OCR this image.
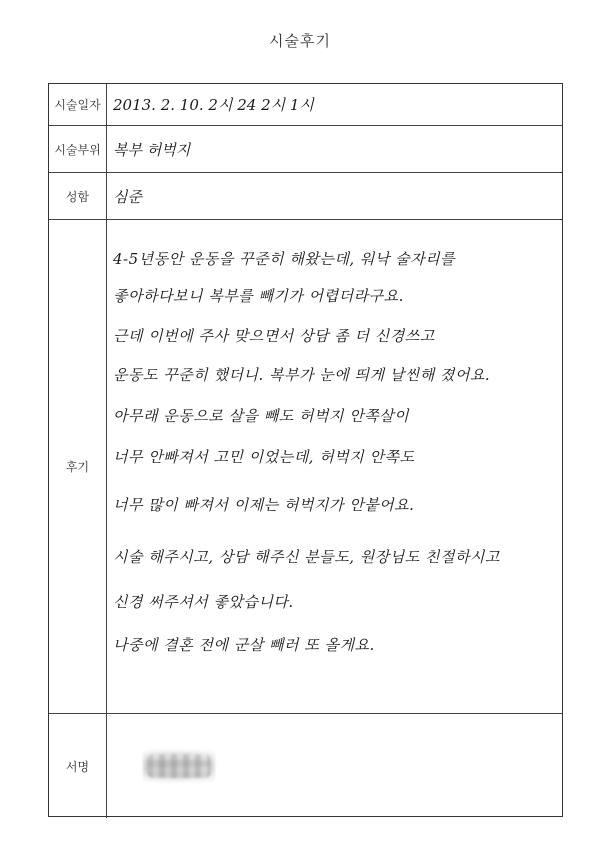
시술후기
시술일자 2013. 2. 10. 2시 24 2시 1시
시술부위 복부 허벅지
성함	심준
후기
4-5년동안 운동을 꾸준히 해왔는데, 워낙 술자리를
좋아하다보니 복부를 빼기가 어렵더라구요.
근데 이번에 주사 맞으면서 상담 좀 더 신경쓰고
운동도 꾸준히 했더니. 복부가 눈에 띄게 날씬해 졌어요.
아무래 운동으로 살을 빼도 허벅지 안쪽살이
너무 안빠져서 고민 이었는데, 허벅지 안쪽도
너무 많이 빠져서 이제는 허벅지가 안붙어요.
시술 해주시고, 상담 해주신 분들도, 원장님도 친절하시고
신경 써주셔서 좋았습니다.
나중에 결혼 전에 군살 빼러 또 올게요.
서명
